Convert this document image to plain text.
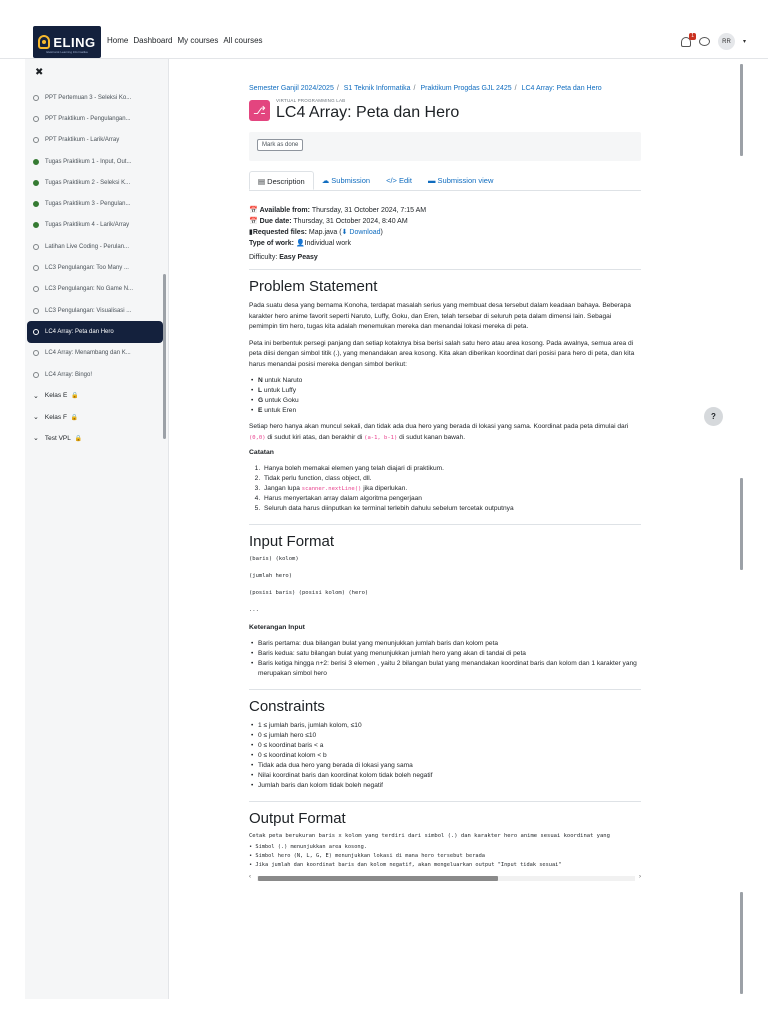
ELING
Elektronik Learning Informatika
Home Dashboard My courses All courses
1
RR	▾
✖
PPT Pertemuan 3 - Seleksi Ko...
PPT Praktikum - Pengulangan...
PPT Praktikum - Larik/Array
Tugas Praktikum 1 - Input, Out...
Tugas Praktikum 2 - Seleksi K...
Tugas Praktikum 3 - Pengulan...
Tugas Praktikum 4 - Larik/Array
Latihan Live Coding - Perulan...
LC3 Pengulangan: Too Many ...
LC3 Pengulangan: No Game N...
LC3 Pengulangan: Visualisasi ...
LC4 Array: Peta dan Hero
LC4 Array: Menambang dan K...
LC4 Array: Bingo!
⌄ Kelas E 🔒
⌄ Kelas F 🔒
⌄ Test VPL 🔒
Semester Ganjil 2024/2025 / S1 Teknik Informatika / Praktikum Progdas GJL 2425 / LC4 Array: Peta dan Hero
⎇
VIRTUAL PROGRAMMING LAB
LC4 Array: Peta dan Hero
Mark as done
▤ Description	☁ Submission	</> Edit	▬ Submission view
📅 Available from: Thursday, 31 October 2024, 7:15 AM
📅 Due date: Thursday, 31 October 2024, 8:40 AM
▮Requested files: Map.java (⬇ Download)
Type of work: 👤Individual work
Difficulty: Easy Peasy
Problem Statement

Pada suatu desa yang bernama Konoha, terdapat masalah serius yang membuat desa tersebut dalam keadaan bahaya. Beberapa karakter hero anime favorit seperti Naruto, Luffy, Goku, dan Eren, telah tersebar di seluruh peta dalam dimensi lain. Sebagai pemimpin tim hero, tugas kita adalah menemukan mereka dan menandai lokasi mereka di peta.

Peta ini berbentuk persegi panjang dan setiap kotaknya bisa berisi salah satu hero atau area kosong. Pada awalnya, semua area di peta diisi dengan simbol titik (.), yang menandakan area kosong. Kita akan diberikan koordinat dari posisi para hero di peta, dan kita harus menandai posisi mereka dengan simbol berikut:

• N untuk Naruto
• L untuk Luffy
• G untuk Goku
• E untuk Eren

Setiap hero hanya akan muncul sekali, dan tidak ada dua hero yang berada di lokasi yang sama. Koordinat pada peta dimulai dari (0,0) di sudut kiri atas, dan berakhir di (a-1, b-1) di sudut kanan bawah.

Catatan
1. Hanya boleh memakai elemen yang telah diajari di praktikum.
2. Tidak perlu function, class object, dll.
3. Jangan lupa scanner.nextLine() jika diperlukan.
4. Harus menyertakan array dalam algoritma pengerjaan
5. Seluruh data harus diinputkan ke terminal terlebih dahulu sebelum tercetak outputnya
Input Format
(baris) (kolom)
(jumlah hero)
(posisi baris) (posisi kolom) (hero)
...
Keterangan Input
• Baris pertama: dua bilangan bulat yang menunjukkan jumlah baris dan kolom peta
• Baris kedua: satu bilangan bulat yang menunjukkan jumlah hero yang akan di tandai di peta
• Baris ketiga hingga n+2: berisi 3 elemen , yaitu 2 bilangan bulat yang menandakan koordinat baris dan kolom dan 1 karakter yang merupakan simbol hero
Constraints
• 1 ≤ jumlah baris, jumlah kolom, ≤10
• 0 ≤ jumlah hero ≤10
• 0 ≤ koordinat baris < a
• 0 ≤ koordinat kolom < b
• Tidak ada dua hero yang berada di lokasi yang sama
• Nilai koordinat baris dan koordinat kolom tidak boleh negatif
• Jumlah baris dan kolom tidak boleh negatif
Output Format
Cetak peta berukuran baris x kolom yang terdiri dari simbol (.) dan karakter hero anime sesuai koordinat yang
• Simbol (.) menunjukkan area kosong.
• Simbol hero (N, L, G, E) menunjukkan lokasi di mana hero tersebut berada
• Jika jumlah dan koordinat baris dan kolom negatif, akan mengeluarkan output "Input tidak sesuai"
‹	›
?
